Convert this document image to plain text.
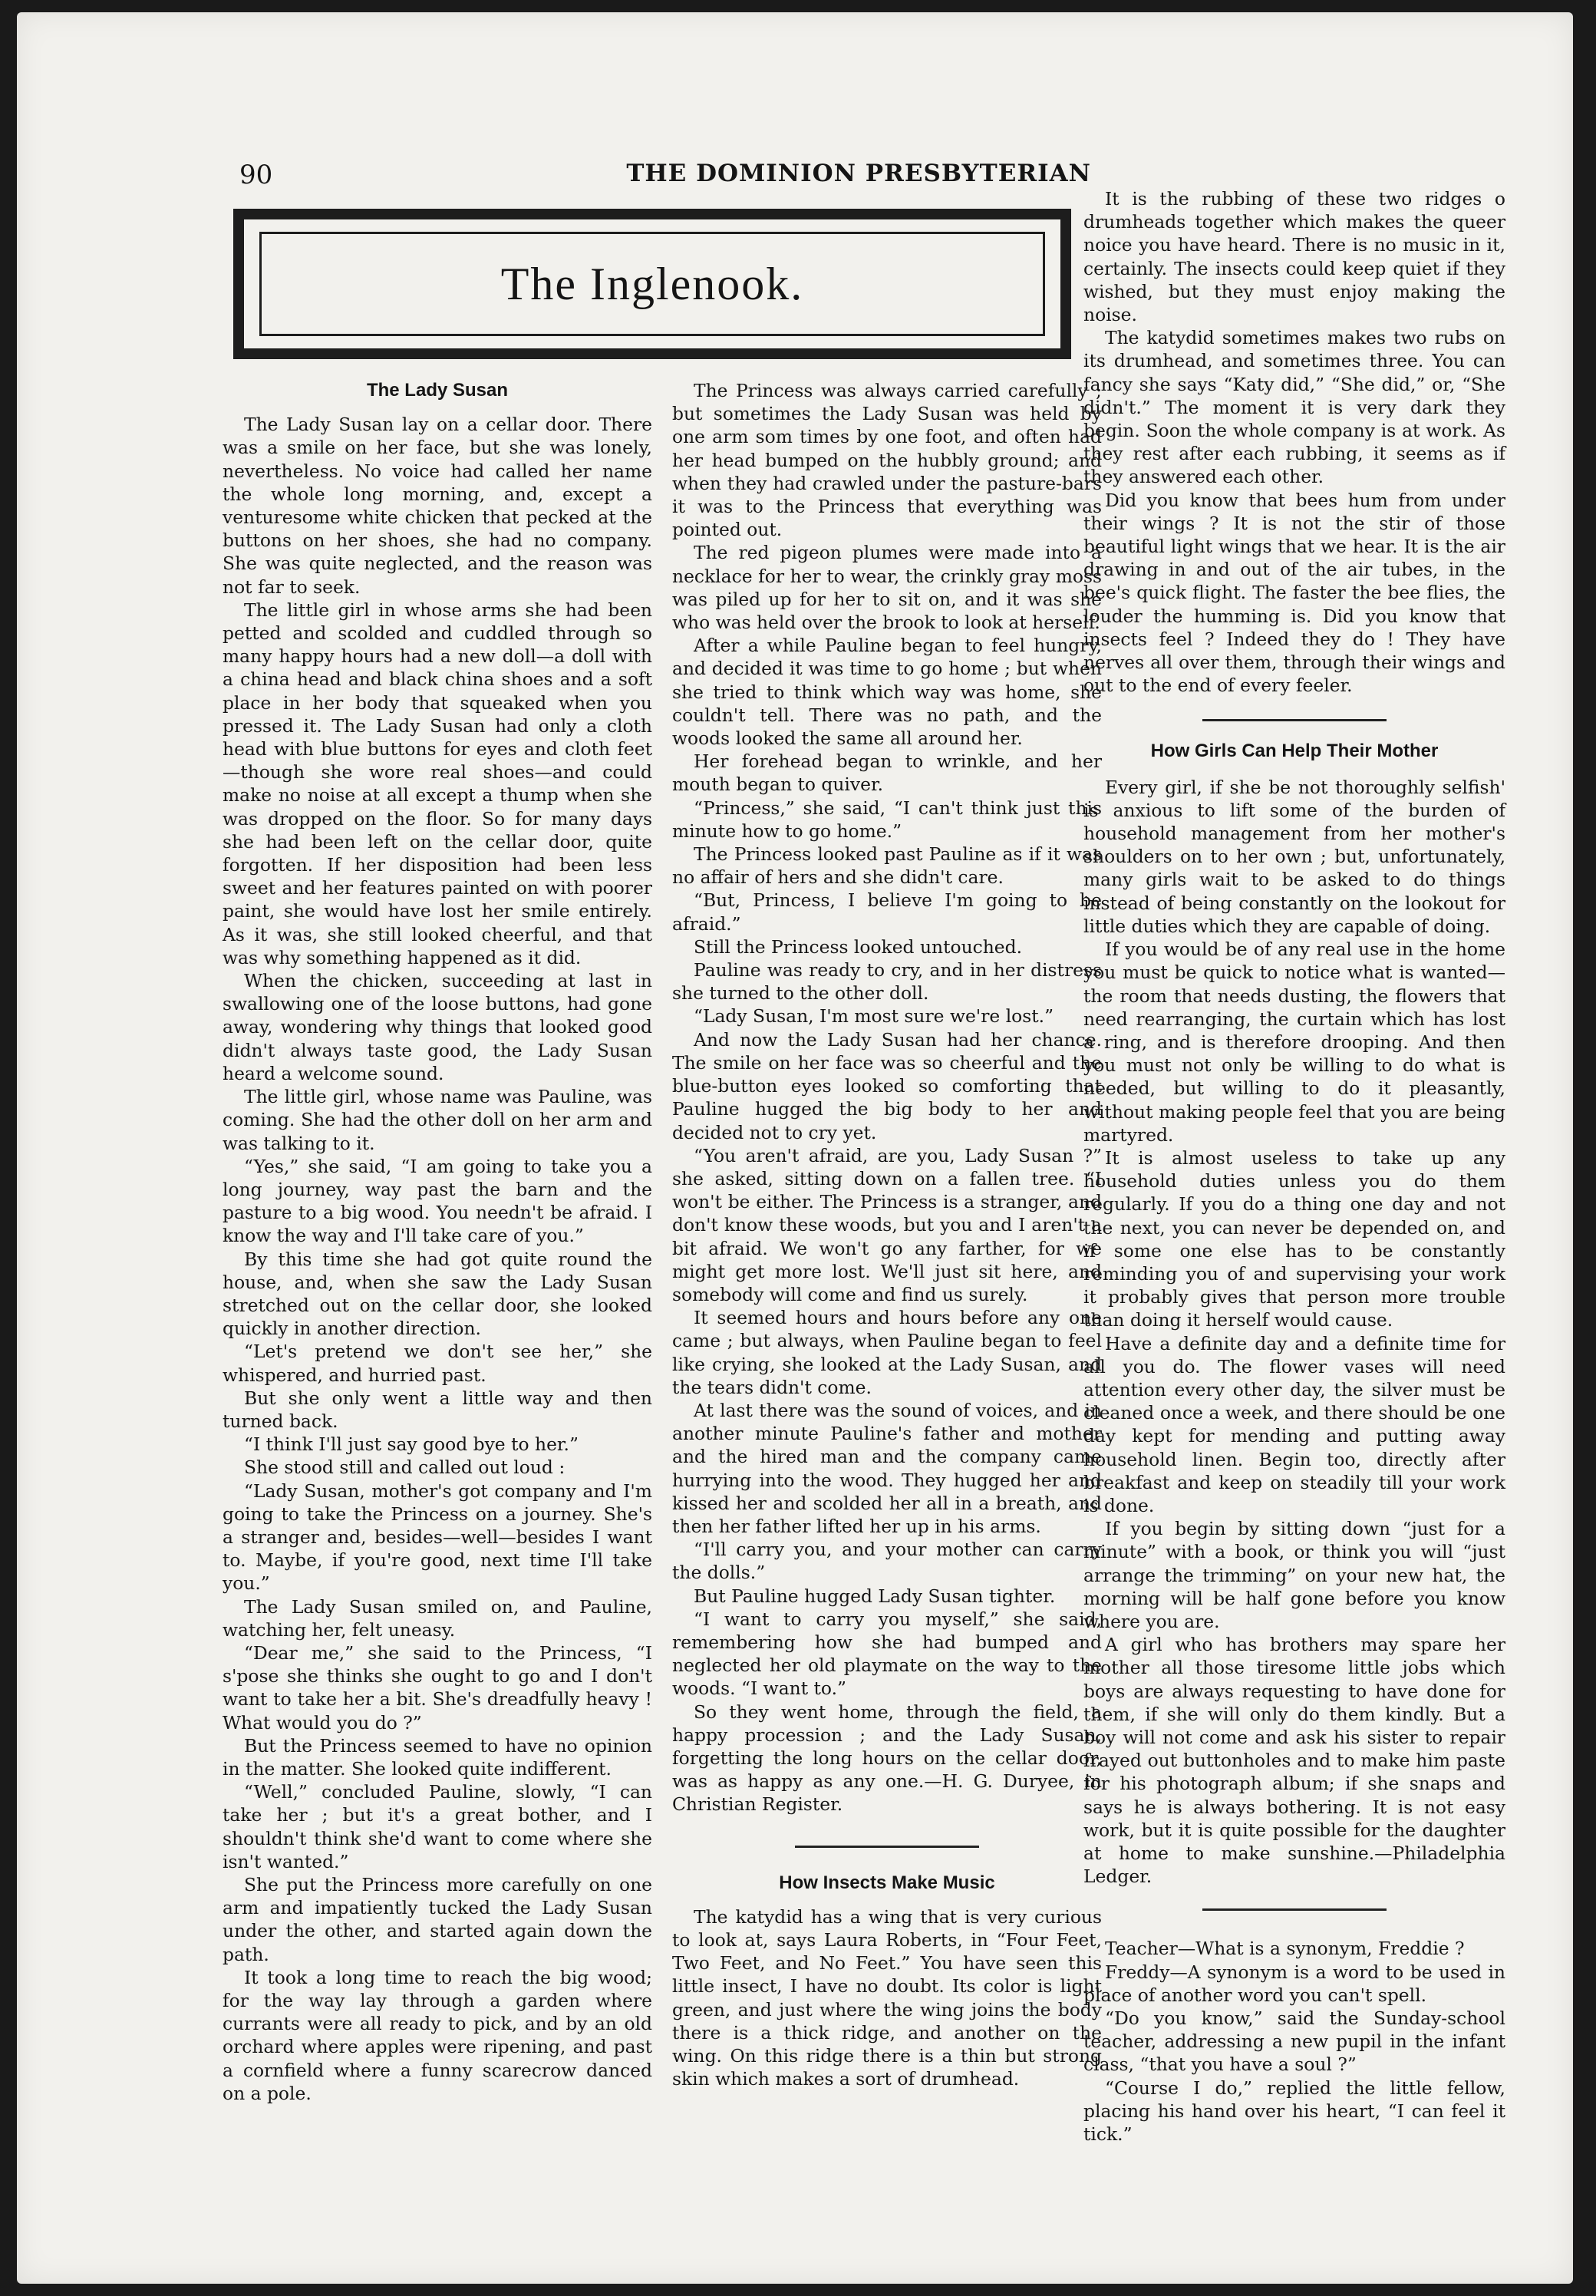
90	THE DOMINION PRESBYTERIAN
The Inglenook.
The Lady Susan

The Lady Susan lay on a cellar door. There was a smile on her face, but she was lonely, nevertheless. No voice had called her name the whole long morning, and, except a venturesome white chicken that pecked at the buttons on her shoes, she had no company. She was quite neglected, and the reason was not far to seek.

The little girl in whose arms she had been petted and scolded and cuddled through so many happy hours had a new doll—a doll with a china head and black china shoes and a soft place in her body that squeaked when you pressed it. The Lady Susan had only a cloth head with blue buttons for eyes and cloth feet—though she wore real shoes—and could make no noise at all except a thump when she was dropped on the floor. So for many days she had been left on the cellar door, quite forgotten. If her disposition had been less sweet and her features painted on with poorer paint, she would have lost her smile entirely. As it was, she still looked cheerful, and that was why something happened as it did.

When the chicken, succeeding at last in swallowing one of the loose buttons, had gone away, wondering why things that looked good didn't always taste good, the Lady Susan heard a welcome sound.

The little girl, whose name was Pauline, was coming. She had the other doll on her arm and was talking to it.

“Yes,” she said, “I am going to take you a long journey, way past the barn and the pasture to a big wood. You needn't be afraid. I know the way and I'll take care of you.”

By this time she had got quite round the house, and, when she saw the Lady Susan stretched out on the cellar door, she looked quickly in another direction.

“Let's pretend we don't see her,” she whispered, and hurried past.

But she only went a little way and then turned back.

“I think I'll just say good bye to her.”

She stood still and called out loud :

“Lady Susan, mother's got company and I'm going to take the Princess on a journey. She's a stranger and, besides—well—besides I want to. Maybe, if you're good, next time I'll take you.”

The Lady Susan smiled on, and Pauline, watching her, felt uneasy.

“Dear me,” she said to the Princess, “I s'pose she thinks she ought to go and I don't want to take her a bit. She's dreadfully heavy ! What would you do ?”

But the Princess seemed to have no opinion in the matter. She looked quite indifferent.

“Well,” concluded Pauline, slowly, “I can take her ; but it's a great bother, and I shouldn't think she'd want to come where she isn't wanted.”

She put the Princess more carefully on one arm and impatiently tucked the Lady Susan under the other, and started again down the path.

It took a long time to reach the big wood; for the way lay through a garden where currants were all ready to pick, and by an old orchard where apples were ripening, and past a cornfield where a funny scarecrow danced on a pole.

The Princess was always carried carefully ; but sometimes the Lady Susan was held by one arm som times by one foot, and often had her head bumped on the hubbly ground; and when they had crawled under the pasture-bars it was to the Princess that everything was pointed out.

The red pigeon plumes were made into a necklace for her to wear, the crinkly gray moss was piled up for her to sit on, and it was she who was held over the brook to look at herself.

After a while Pauline began to feel hungry, and decided it was time to go home ; but when she tried to think which way was home, she couldn't tell. There was no path, and the woods looked the same all around her.

Her forehead began to wrinkle, and her mouth began to quiver.

“Princess,” she said, “I can't think just this minute how to go home.”

The Princess looked past Pauline as if it was no affair of hers and she didn't care.

“But, Princess, I believe I'm going to be afraid.”

Still the Princess looked untouched.

Pauline was ready to cry, and in her distress she turned to the other doll.

“Lady Susan, I'm most sure we're lost.”

And now the Lady Susan had her chance. The smile on her face was so cheerful and the blue-button eyes looked so comforting that Pauline hugged the big body to her and decided not to cry yet.

“You aren't afraid, are you, Lady Susan ?” she asked, sitting down on a fallen tree. “I won't be either. The Princess is a stranger, and don't know these woods, but you and I aren't a bit afraid. We won't go any farther, for we might get more lost. We'll just sit here, and somebody will come and find us surely.

It seemed hours and hours before any one came ; but always, when Pauline began to feel like crying, she looked at the Lady Susan, and the tears didn't come.

At last there was the sound of voices, and in another minute Pauline's father and mother and the hired man and the company came hurrying into the wood. They hugged her and kissed her and scolded her all in a breath, and then her father lifted her up in his arms.

“I'll carry you, and your mother can carry the dolls.”

But Pauline hugged Lady Susan tighter.

“I want to carry you myself,” she said, remembering how she had bumped and neglected her old playmate on the way to the woods. “I want to.”

So they went home, through the field, a happy procession ; and the Lady Susan, forgetting the long hours on the cellar door, was as happy as any one.—H. G. Duryee, in Christian Register.

How Insects Make Music

The katydid has a wing that is very curious to look at, says Laura Roberts, in “Four Feet, Two Feet, and No Feet.” You have seen this little insect, I have no doubt. Its color is light green, and just where the wing joins the body there is a thick ridge, and another on the wing. On this ridge there is a thin but strong skin which makes a sort of drumhead.

It is the rubbing of these two ridges o drumheads together which makes the queer noice you have heard. There is no music in it, certainly. The insects could keep quiet if they wished, but they must enjoy making the noise.

The katydid sometimes makes two rubs on its drumhead, and sometimes three. You can fancy she says “Katy did,” “She did,” or, “She didn't.” The moment it is very dark they begin. Soon the whole company is at work. As they rest after each rubbing, it seems as if they answered each other.

Did you know that bees hum from under their wings ? It is not the stir of those beautiful light wings that we hear. It is the air drawing in and out of the air tubes, in the bee's quick flight. The faster the bee flies, the louder the humming is. Did you know that insects feel ? Indeed they do ! They have nerves all over them, through their wings and out to the end of every feeler.

How Girls Can Help Their Mother

Every girl, if she be not thoroughly selfish' is anxious to lift some of the burden of household management from her mother's shoulders on to her own ; but, unfortunately, many girls wait to be asked to do things instead of being constantly on the lookout for little duties which they are capable of doing.

If you would be of any real use in the home you must be quick to notice what is wanted—the room that needs dusting, the flowers that need rearranging, the curtain which has lost a ring, and is therefore drooping. And then you must not only be willing to do what is needed, but willing to do it pleasantly, without making people feel that you are being martyred.

It is almost useless to take up any household duties unless you do them regularly. If you do a thing one day and not the next, you can never be depended on, and if some one else has to be constantly reminding you of and supervising your work it probably gives that person more trouble than doing it herself would cause.

Have a definite day and a definite time for all you do. The flower vases will need attention every other day, the silver must be cleaned once a week, and there should be one day kept for mending and putting away household linen. Begin too, directly after breakfast and keep on steadily till your work is done.

If you begin by sitting down “just for a minute” with a book, or think you will “just arrange the trimming” on your new hat, the morning will be half gone before you know where you are.

A girl who has brothers may spare her mother all those tiresome little jobs which boys are always requesting to have done for them, if she will only do them kindly. But a boy will not come and ask his sister to repair frayed out buttonholes and to make him paste for his photograph album; if she snaps and says he is always bothering. It is not easy work, but it is quite possible for the daughter at home to make sunshine.—Philadelphia Ledger.

Teacher—What is a synonym, Freddie ?

Freddy—A synonym is a word to be used in place of another word you can't spell.

“Do you know,” said the Sunday-school teacher, addressing a new pupil in the infant class, “that you have a soul ?”

“Course I do,” replied the little fellow, placing his hand over his heart, “I can feel it tick.”
